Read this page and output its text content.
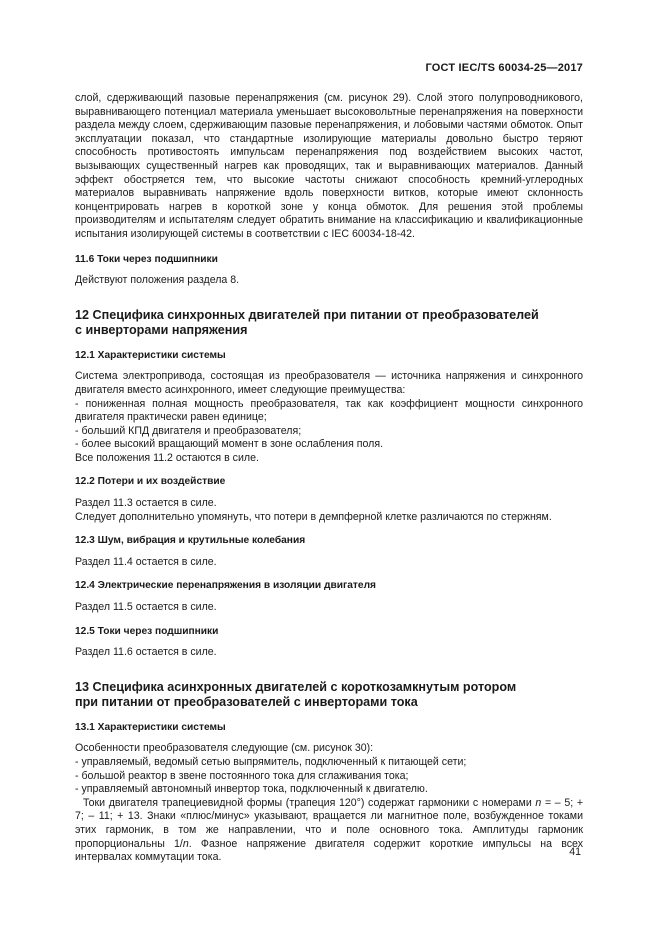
ГОСТ IEC/TS 60034-25—2017

слой, сдерживающий пазовые перенапряжения (см. рисунок 29). Слой этого полупроводникового, выравнивающего потенциал материала уменьшает высоковольтные перенапряжения на поверхности раздела между слоем, сдерживающим пазовые перенапряжения, и лобовыми частями обмоток. Опыт эксплуатации показал, что стандартные изолирующие материалы довольно быстро теряют способность противостоять импульсам перенапряжения под воздействием высоких частот, вызывающих существенный нагрев как проводящих, так и выравнивающих материалов. Данный эффект обостряется тем, что высокие частоты снижают способность кремний-углеродных материалов выравнивать напряжение вдоль поверхности витков, которые имеют склонность концентрировать нагрев в короткой зоне у конца обмоток. Для решения этой проблемы производителям и испытателям следует обратить внимание на классификацию и квалификационные испытания изолирующей системы в соответствии с IEC 60034-18-42.

11.6 Токи через подшипники

Действуют положения раздела 8.

12 Специфика синхронных двигателей при питании от преобразователей
с инверторами напряжения
12.1 Характеристики системы

Система электропривода, состоящая из преобразователя — источника напряжения и синхронного двигателя вместо асинхронного, имеет следующие преимущества:

- пониженная полная мощность преобразователя, так как коэффициент мощности синхронного двигателя практически равен единице;

- больший КПД двигателя и преобразователя;

- более высокий вращающий момент в зоне ослабления поля.

Все положения 11.2 остаются в силе.

12.2 Потери и их воздействие

Раздел 11.3 остается в силе.

Следует дополнительно упомянуть, что потери в демпферной клетке различаются по стержням.

12.3 Шум, вибрация и крутильные колебания

Раздел 11.4 остается в силе.

12.4 Электрические перенапряжения в изоляции двигателя

Раздел 11.5 остается в силе.

12.5 Токи через подшипники

Раздел 11.6 остается в силе.

13 Специфика асинхронных двигателей с короткозамкнутым ротором
при питании от преобразователей с инверторами тока
13.1 Характеристики системы

Особенности преобразователя следующие (см. рисунок 30):

- управляемый, ведомый сетью выпрямитель, подключенный к питающей сети;

- большой реактор в звене постоянного тока для сглаживания тока;

- управляемый автономный инвертор тока, подключенный к двигателю.

Токи двигателя трапециевидной формы (трапеция 120°) содержат гармоники с номерами n = – 5; + 7; – 11; + 13. Знаки «плюс/минус» указывают, вращается ли магнитное поле, возбужденное токами этих гармоник, в том же направлении, что и поле основного тока. Амплитуды гармоник пропорциональны 1/n. Фазное напряжение двигателя содержит короткие импульсы на всех интервалах коммутации тока.	41
